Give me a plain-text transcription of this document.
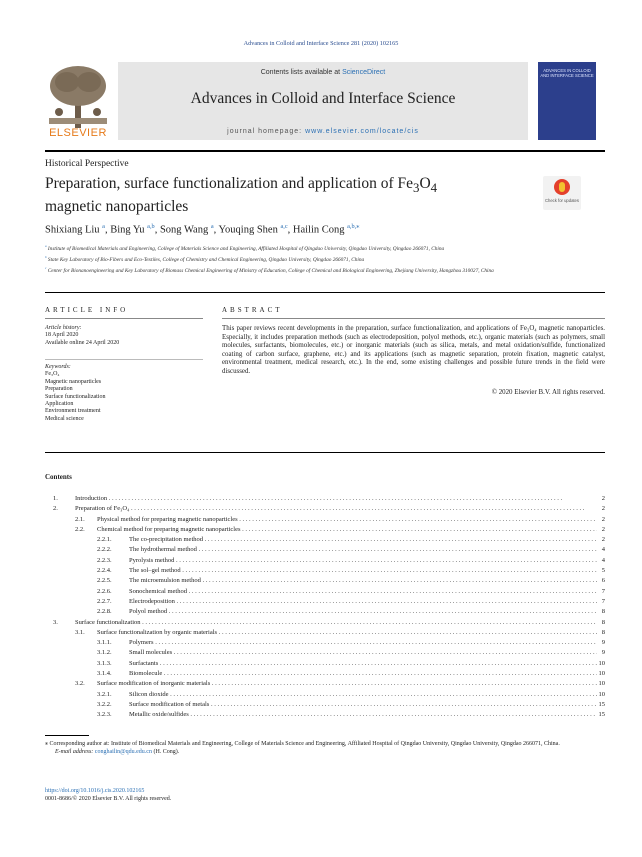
Advances in Colloid and Interface Science 281 (2020) 102165
ELSEVIER
Contents lists available at ScienceDirect
Advances in Colloid and Interface Science
journal homepage: www.elsevier.com/locate/cis
ADVANCES IN COLLOID AND INTERFACE SCIENCE
Historical Perspective
Preparation, surface functionalization and application of $Fe_3O_4$
magnetic nanoparticles	Check for updates
Shixiang Liu $^a$, Bing Yu $^{a,b}$, Song Wang $^a$, Youqing Shen $^{a,c}$, Hailin Cong $^{a,b,⁎}$
$^a$ Institute of Biomedical Materials and Engineering, College of Materials Science and Engineering, Affiliated Hospital of Qingdao University, Qingdao University, Qingdao 266071, China
$^b$ State Key Laboratory of Bio-Fibers and Eco-Textiles, College of Chemistry and Chemical Engineering, Qingdao University, Qingdao 266071, China
$^c$ Center for Bionanoengineering and Key Laboratory of Biomass Chemical Engineering of Ministry of Education, College of Chemical and Biological Engineering, Zhejiang University, Hangzhou 310027, China
ARTICLE INFO
Article history:
18 April 2020
Available online 24 April 2020
Keywords:
Fe₃O₄
Magnetic nanoparticles
Preparation
Surface functionalization
Application
Environment treatment
Medical science
ABSTRACT
This paper reviews recent developments in the preparation, surface functionalization, and applications of Fe₃O₄ magnetic nanoparticles. Especially, it includes preparation methods (such as electrodeposition, polyol methods, etc.), organic materials (such as polymers, small molecules, surfactants, biomolecules, etc.) or inorganic materials (such as silica, metals, and metal oxidation/sulfide, functionalized coating of carbon surface, graphene, etc.) and its applications (such as magnetic separation, protein fixation, magnetic catalyst, environmental treatment, medical research, etc.). In the end, some existing challenges and possible future trends in the field were discussed.
© 2020 Elsevier B.V. All rights reserved.
Contents
1.	Introduction . . .	2
2.	Preparation of Fe₃O₄ . . .	2
2.1. Physical method for preparing magnetic nanoparticles . . .	2
2.2. Chemical method for preparing magnetic nanoparticles . . .	2
2.2.1.	The co-precipitation method . . .	2
2.2.2.	The hydrothermal method . . .	4
2.2.3.	Pyrolysis method . . .	4
2.2.4.	The sol–gel method . . .	5
2.2.5.	The microemulsion method . . .	6
2.2.6.	Sonochemical method . . .	7
2.2.7.	Electrodeposition . . .	7
2.2.8.	Polyol method . . .	8
3.	Surface functionalization . . .	8
3.1. Surface functionalization by organic materials . . .	8
3.1.1.	Polymers . . .	9
3.1.2.	Small molecules . . .	9
3.1.3.	Surfactants . . .	10
3.1.4.	Biomolecule . . .	10
3.2. Surface modification of inorganic materials . . .	10
3.2.1.	Silicon dioxide . . .	10
3.2.2.	Surface modification of metals . . .	15
3.2.3.	Metallic oxide/sulfides . . .	15
⁎ Corresponding author at: Institute of Biomedical Materials and Engineering, College of Materials Science and Engineering, Affiliated Hospital of Qingdao University, Qingdao University, Qingdao 266071, China.
E-mail address: conghailin@qdu.edu.cn (H. Cong).
https://doi.org/10.1016/j.cis.2020.102165
0001-8686/© 2020 Elsevier B.V. All rights reserved.
